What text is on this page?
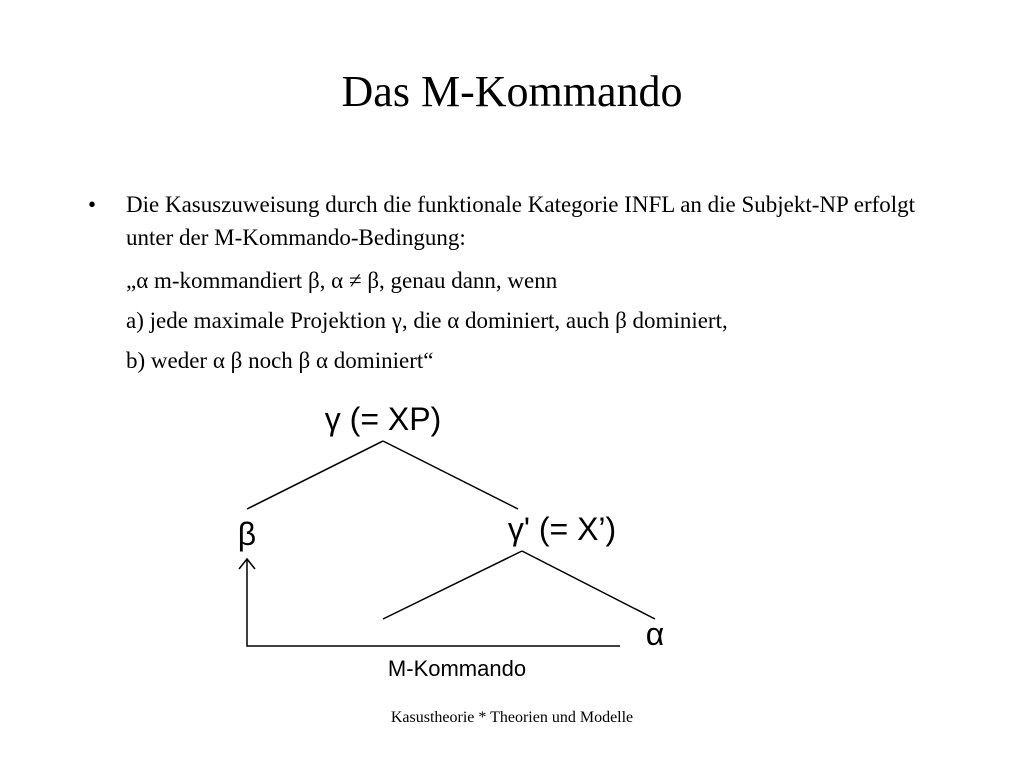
Das M-Kommando
• Die Kasuszuweisung durch die funktionale Kategorie INFL an die Subjekt-NP erfolgt unter der M-Kommando-Bedingung:
„α m-kommandiert β, α ≠ β, genau dann, wenn
a) jede maximale Projektion γ, die α dominiert, auch β dominiert,
b) weder α β noch β α dominiert“
γ (= XP)
β	γ' (= X’)
α
M-Kommando
Kasustheorie * Theorien und Modelle
